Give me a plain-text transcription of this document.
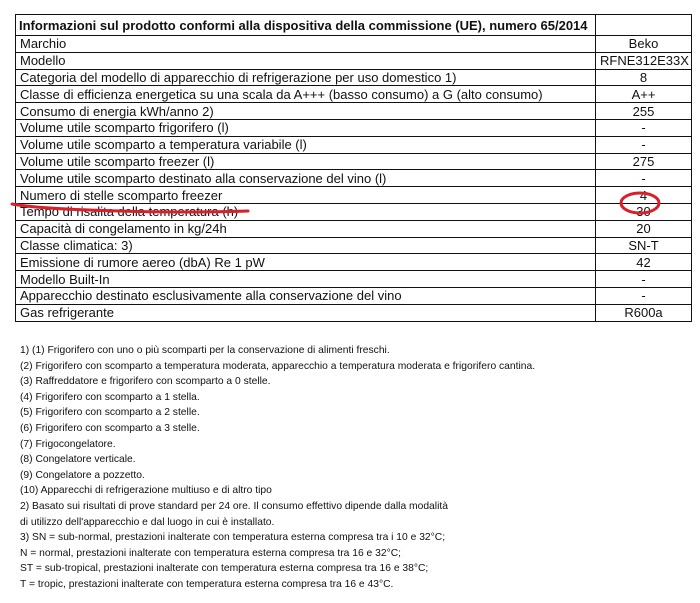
Informazioni sul prodotto conformi alla dispositiva della commissione (UE), numero 65/2014	
Marchio	Beko
Modello	RFNE312E33X
Categoria del modello di apparecchio di refrigerazione per uso domestico 1)	8
Classe di efficienza energetica su una scala da A+++ (basso consumo) a G (alto consumo)	A++
Consumo di energia kWh/anno 2)	255
Volume utile scomparto frigorifero (l)	-
Volume utile scomparto a temperatura variabile (l)	-
Volume utile scomparto freezer (l)	275
Volume utile scomparto destinato alla conservazione del vino (l)	-
Numero di stelle scomparto freezer	4
Tempo di risalita della temperatura (h)	30
Capacità di congelamento in kg/24h	20
Classe climatica: 3)	SN-T
Emissione di rumore aereo (dbA) Re 1 pW	42
Modello Built-In	-
Apparecchio destinato esclusivamente alla conservazione del vino	-
Gas refrigerante	R600a
1) (1) Frigorifero con uno o più scomparti per la conservazione di alimenti freschi.
(2) Frigorifero con scomparto a temperatura moderata, apparecchio a temperatura moderata e frigorifero cantina.
(3) Raffreddatore e frigorifero con scomparto a 0 stelle.
(4) Frigorifero con scomparto a 1 stella.
(5) Frigorifero con scomparto a 2 stelle.
(6) Frigorifero con scomparto a 3 stelle.
(7) Frigocongelatore.
(8) Congelatore verticale.
(9) Congelatore a pozzetto.
(10) Apparecchi di refrigerazione multiuso e di altro tipo
2) Basato sui risultati di prove standard per 24 ore. Il consumo effettivo dipende dalla modalità
di utilizzo dell'apparecchio e dal luogo in cui è installato.
3) SN = sub-normal, prestazioni inalterate con temperatura esterna compresa tra i 10 e 32°C;
N = normal, prestazioni inalterate con temperatura esterna compresa tra 16 e 32°C;
ST = sub-tropical, prestazioni inalterate con temperatura esterna compresa tra 16 e 38°C;
T = tropic, prestazioni inalterate con temperatura esterna compresa tra 16 e 43°C.
